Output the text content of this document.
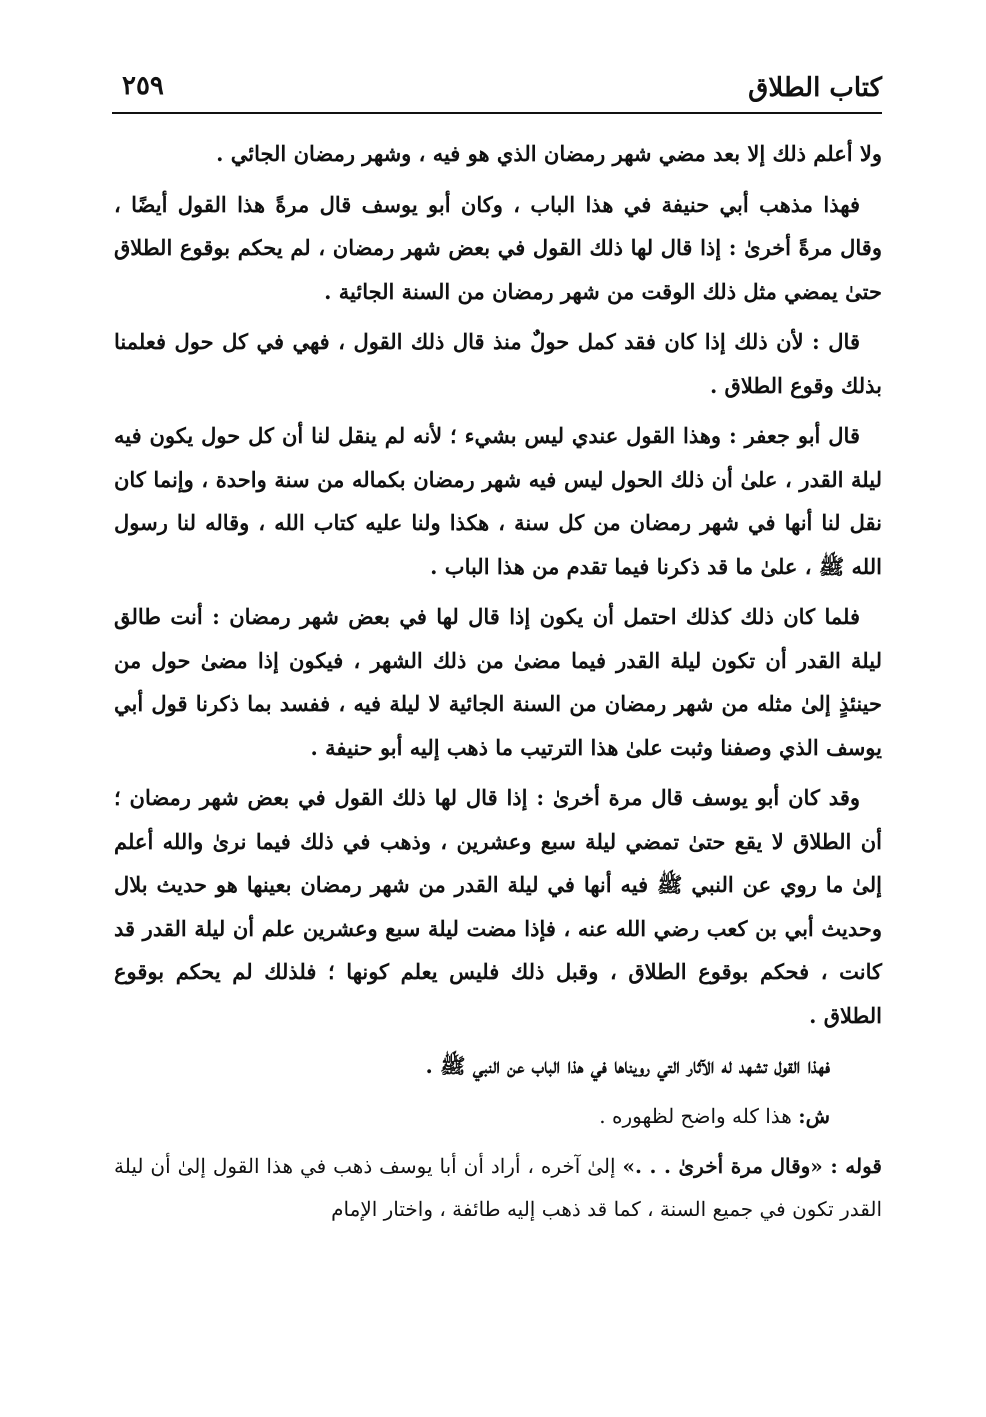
كتاب الطلاق
٢٥٩

ولا أعلم ذلك إلا بعد مضي شهر رمضان الذي هو فيه ، وشهر رمضان الجائي .

فهذا مذهب أبي حنيفة في هذا الباب ، وكان أبو يوسف قال مرةً هذا القول أيضًا ، وقال مرةً أخرىٰ : إذا قال لها ذلك القول في بعض شهر رمضان ، لم يحكم بوقوع الطلاق حتىٰ يمضي مثل ذلك الوقت من شهر رمضان من السنة الجائية .

قال : لأن ذلك إذا كان فقد كمل حولٌ منذ قال ذلك القول ، فهي في كل حول فعلمنا بذلك وقوع الطلاق .

قال أبو جعفر : وهذا القول عندي ليس بشيء ؛ لأنه لم ينقل لنا أن كل حول يكون فيه ليلة القدر ، علىٰ أن ذلك الحول ليس فيه شهر رمضان بكماله من سنة واحدة ، وإنما كان نقل لنا أنها في شهر رمضان من كل سنة ، هكذا ولنا عليه كتاب الله ، وقاله لنا رسول الله ﷺ ، علىٰ ما قد ذكرنا فيما تقدم من هذا الباب .

فلما كان ذلك كذلك احتمل أن يكون إذا قال لها في بعض شهر رمضان : أنت طالق ليلة القدر أن تكون ليلة القدر فيما مضىٰ من ذلك الشهر ، فيكون إذا مضىٰ حول من حينئذٍ إلىٰ مثله من شهر رمضان من السنة الجائية لا ليلة فيه ، ففسد بما ذكرنا قول أبي يوسف الذي وصفنا وثبت علىٰ هذا الترتيب ما ذهب إليه أبو حنيفة .

وقد كان أبو يوسف قال مرة أخرىٰ : إذا قال لها ذلك القول في بعض شهر رمضان ؛ أن الطلاق لا يقع حتىٰ تمضي ليلة سبع وعشرين ، وذهب في ذلك فيما نرىٰ والله أعلم إلىٰ ما روي عن النبي ﷺ فيه أنها في ليلة القدر من شهر رمضان بعينها هو حديث بلال وحديث أبي بن كعب رضي الله عنه ، فإذا مضت ليلة سبع وعشرين علم أن ليلة القدر قد كانت ، فحكم بوقوع الطلاق ، وقبل ذلك فليس يعلم كونها ؛ فلذلك لم يحكم بوقوع الطلاق .

فهذا القول تشهد له الآثار التي رويناها في هذا الباب عن النبي ﷺ .

ش: هذا كله واضح لظهوره .

قوله : «وقال مرة أخرىٰ . . .» إلىٰ آخره ، أراد أن أبا يوسف ذهب في هذا القول إلىٰ أن ليلة القدر تكون في جميع السنة ، كما قد ذهب إليه طائفة ، واختار الإمام
